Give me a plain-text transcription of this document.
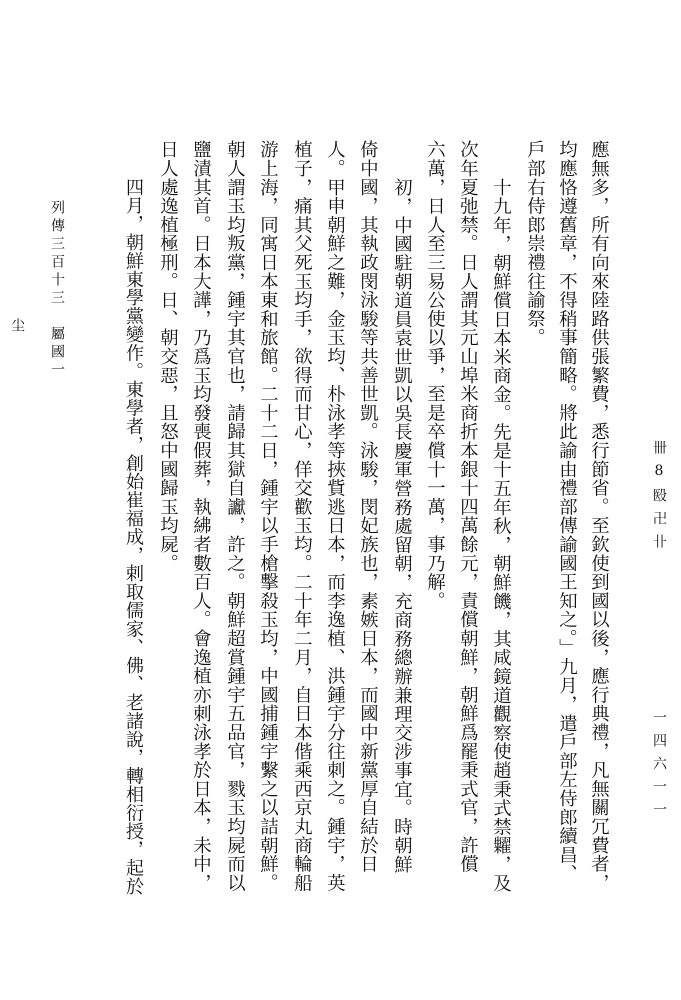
卌8殹卍卝
一四六一一
尘 列傳三百十三　屬國一	應無多，所有向來陸路供張繁費，悉行節省。至欽使到國以後，應行典禮，凡無關冗費者，
均應恪遵舊章，不得稍事簡略。將此諭由禮部傳諭國王知之。」九月，遣戶部左侍郎續昌、
戶部右侍郎崇禮往諭祭。
十九年，朝鮮償日本米商金。先是十五年秋，朝鮮饑，其咸鏡道觀察使趙秉式禁糶，及
次年夏弛禁。日人謂其元山埠米商折本銀十四萬餘元，責償朝鮮，朝鮮爲罷秉式官，許償
六萬，日人至三易公使以爭，至是卒償十一萬，事乃解。
初，中國駐朝道員袁世凱以吳長慶軍營務處留朝，充商務總辦兼理交涉事宜。時朝鮮
倚中國，其執政閔泳駿等共善世凱。泳駿，閔妃族也，素嫉日本，而國中新黨厚自結於日
人。甲申朝鮮之難，金玉均、朴泳孝等挾貲逃日本，而李逸植、洪鍾宇分往刺之。鍾宇，英
植子，痛其父死玉均手，欲得而甘心，佯交歡玉均。二十年二月，自日本偕乘西京丸商輪船
游上海，同寓日本東和旅館。二十二日，鍾宇以手槍擊殺玉均，中國捕鍾宇繫之以詰朝鮮。
朝人謂玉均叛黨，鍾宇其官也，請歸其獄自讞，許之。朝鮮超賞鍾宇五品官，戮玉均屍而以
鹽漬其首。日本大譁，乃爲玉均發喪假葬，執紼者數百人。會逸植亦刺泳孝於日本，未中，
日人處逸植極刑。日、朝交惡，且怒中國歸玉均屍。
四月，朝鮮東學黨變作。東學者，創始崔福成，剌取儒家、佛、老諸說，轉相衍授，起於
